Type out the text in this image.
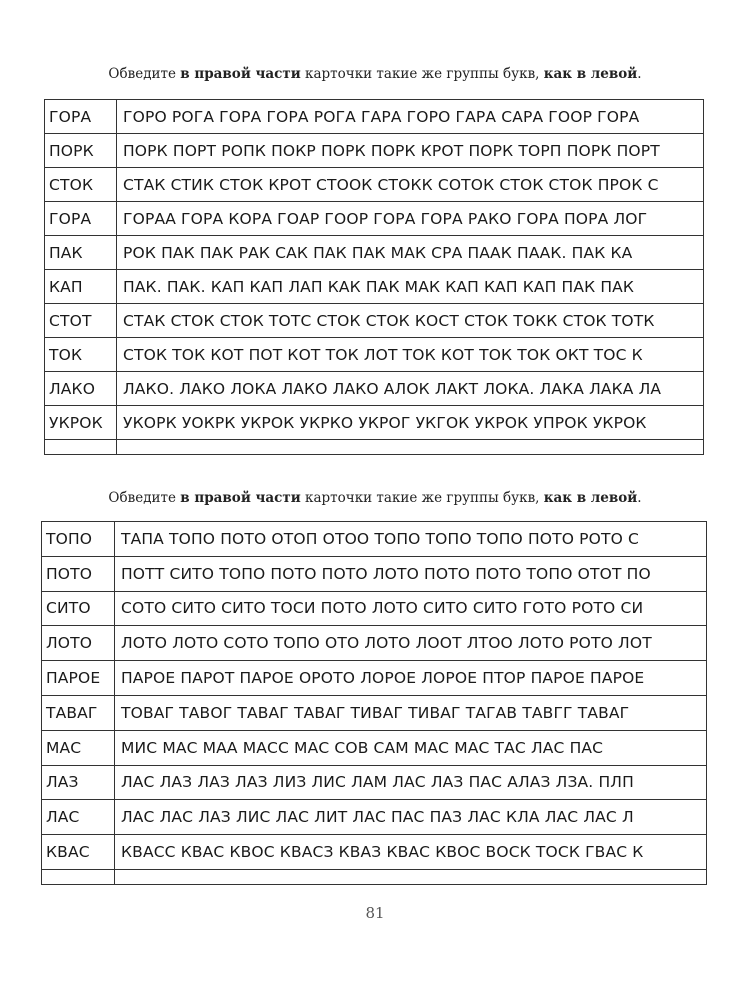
Обведите в правой части карточки такие же группы букв, как в левой.
ГОРА	ГОРО РОГА ГОРА ГОРА РОГА ГАРА ГОРО ГАРА САРА ГООР ГОРА
ПОРК	ПОРК ПОРТ РОПК ПОКР ПОРК ПОРК КРОТ ПОРК ТОРП ПОРК ПОРТ
СТОК	СТАК СТИК СТОК КРОТ СТООК СТОКК СОТОК СТОК СТОК ПРОК С
ГОРА	ГОРАА ГОРА КОРА ГОАР ГООР ГОРА ГОРА РАКО ГОРА ПОРА ЛОГ
ПАК	РОК ПАК ПАК РАК САК ПАК ПАК МАК СРА ПААК ПААК. ПАК КА
КАП	ПАК. ПАК. КАП КАП ЛАП КАК ПАК МАК КАП КАП КАП ПАК ПАК
СТОТ	СТАК СТОК СТОК ТОТС СТОК СТОК КОСТ СТОК ТОКК СТОК ТОТК
ТОК	СТОК ТОК КОТ ПОТ КОТ ТОК ЛОТ ТОК КОТ ТОК ТОК ОКТ ТОС К
ЛАКО	ЛАКО. ЛАКО ЛОКА ЛАКО ЛАКО АЛОК ЛАКТ ЛОКА. ЛАКА ЛАКА ЛА
УКРОК	УКОРК УОКРК УКРОК УКРКО УКРОГ УКГОК УКРОК УПРОК УКРОК

Обведите в правой части карточки такие же группы букв, как в левой.
ТОПО	ТАПА ТОПО ПОТО ОТОП ОТОО ТОПО ТОПО ТОПО ПОТО РОТО С
ПОТО	ПОТТ СИТО ТОПО ПОТО ПОТО ЛОТО ПОТО ПОТО ТОПО ОТОТ ПО
СИТО	СОТО СИТО СИТО ТОСИ ПОТО ЛОТО СИТО СИТО ГОТО РОТО СИ
ЛОТО	ЛОТО ЛОТО СОТО ТОПО ОТО ЛОТО ЛООТ ЛТОО ЛОТО РОТО ЛОТ
ПАРОЕ	ПАРОЕ ПАРОТ ПАРОЕ ОРОТО ЛОРОЕ ЛОРОЕ ПТОР ПАРОЕ ПАРОЕ
ТАВАГ	ТОВАГ ТАВОГ ТАВАГ ТАВАГ ТИВАГ ТИВАГ ТАГАВ ТАВГГ ТАВАГ
МАС	МИС МАС МАА МАСС МАС СОВ САМ МАС МАС ТАС ЛАС ПАС
ЛАЗ	ЛАС ЛАЗ ЛАЗ ЛАЗ ЛИЗ ЛИС ЛАМ ЛАС ЛАЗ ПАС АЛАЗ ЛЗА. ПЛП
ЛАС	ЛАС ЛАС ЛАЗ ЛИС ЛАС ЛИТ ЛАС ПАС ПАЗ ЛАС КЛА ЛАС ЛАС Л
КВАС	КВАСС КВАС КВОС КВАСЗ КВАЗ КВАС КВОС ВОСК ТОСК ГВАС К

81
